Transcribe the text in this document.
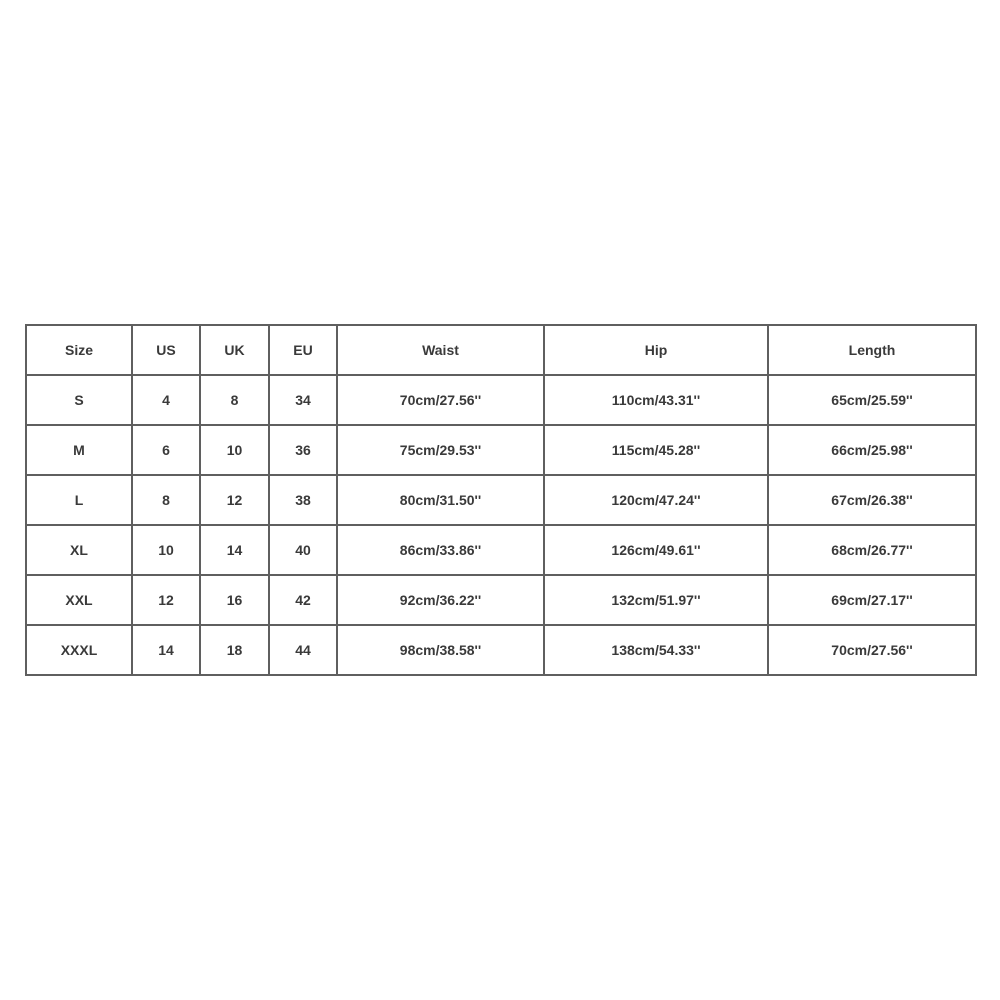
Size	US	UK	EU	Waist	Hip	Length
S	4	8	34	70cm/27.56''	110cm/43.31''	65cm/25.59''
M	6	10	36	75cm/29.53''	115cm/45.28''	66cm/25.98''
L	8	12	38	80cm/31.50''	120cm/47.24''	67cm/26.38''
XL	10	14	40	86cm/33.86''	126cm/49.61''	68cm/26.77''
XXL	12	16	42	92cm/36.22''	132cm/51.97''	69cm/27.17''
XXXL	14	18	44	98cm/38.58''	138cm/54.33''	70cm/27.56''
